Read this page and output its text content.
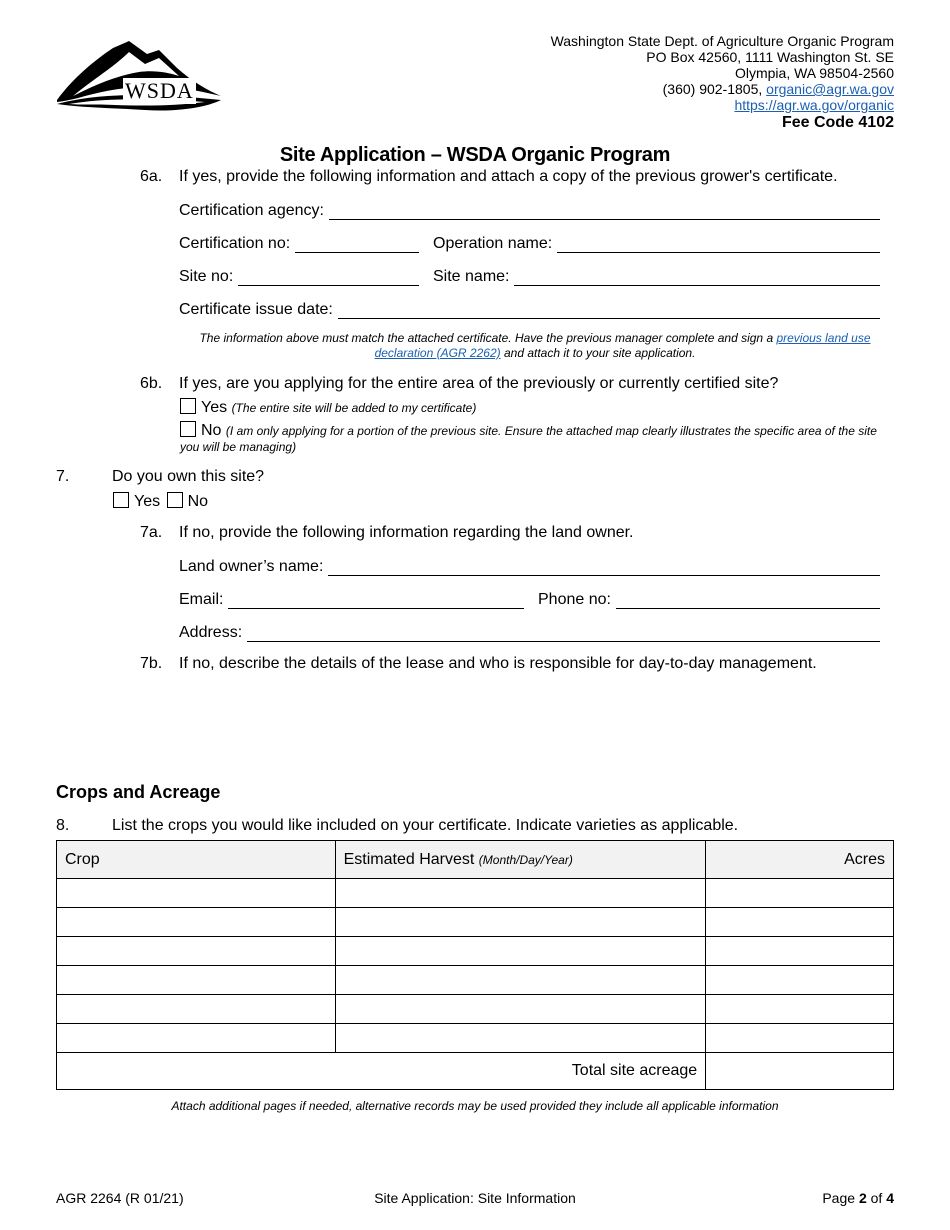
WSDA
Washington State Dept. of Agriculture Organic Program
PO Box 42560, 1111 Washington St. SE
Olympia, WA 98504-2560
(360) 902-1805, organic@agr.wa.gov
https://agr.wa.gov/organic
Fee Code 4102
Site Application – WSDA Organic Program
6a. If yes, provide the following information and attach a copy of the previous grower's certificate.
Certification agency:
Certification no:	Operation name:
Site no:	Site name:
Certificate issue date:
The information above must match the attached certificate. Have the previous manager complete and sign a previous land use declaration (AGR 2262) and attach it to your site application.
6b. If yes, are you applying for the entire area of the previously or currently certified site?
Yes (The entire site will be added to my certificate)
No (I am only applying for a portion of the previous site. Ensure the attached map clearly illustrates the specific area of the site you will be managing)
7.	Do you own this site?
Yes No
7a. If no, provide the following information regarding the land owner.
Land owner’s name:
Email:	Phone no:
Address:
7b. If no, describe the details of the lease and who is responsible for day-to-day management.
Crops and Acreage
8.	List the crops you would like included on your certificate. Indicate varieties as applicable.
Crop	Estimated Harvest (Month/Day/Year)	Acres

Total site acreage		
Attach additional pages if needed, alternative records may be used provided they include all applicable information
AGR 2264 (R 01/21)	Site Application: Site Information	Page 2 of 4
